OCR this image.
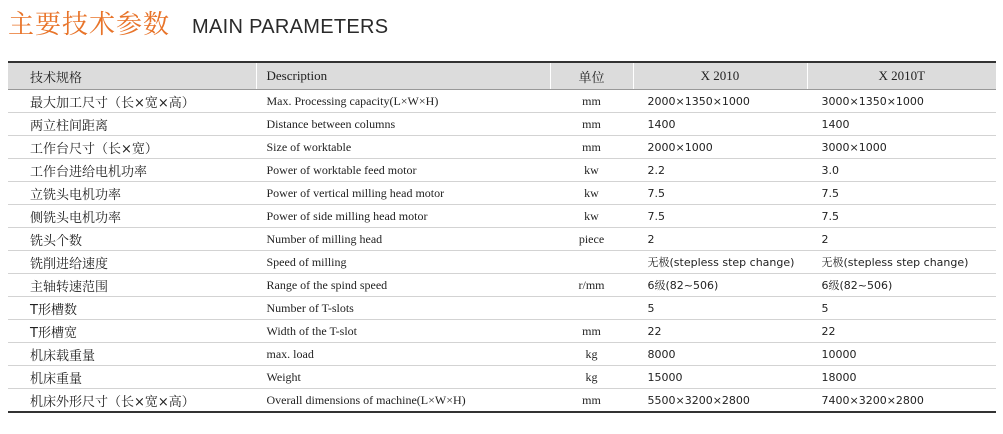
主要技术参数 MAIN PARAMETERS
技术规格	Description	单位	X 2010	X 2010T
最大加工尺寸（长×宽×高）	Max. Processing capacity(L×W×H)	mm	2000×1350×1000	3000×1350×1000
两立柱间距离	Distance between columns	mm	1400	1400
工作台尺寸（长×宽）	Size of worktable	mm	2000×1000	3000×1000
工作台进给电机功率	Power of worktable feed motor	kw	2.2	3.0
立铣头电机功率	Power of vertical milling head motor	kw	7.5	7.5
侧铣头电机功率	Power of side milling head motor	kw	7.5	7.5
铣头个数	Number of milling head	piece	2	2
铣削进给速度	Speed of milling		无极(stepless step change)	无极(stepless step change)
主轴转速范围	Range of the spind speed	r/mm	6级(82~506)	6级(82~506)
T形槽数	Number of T-slots		5	5
T形槽宽	Width of the T-slot	mm	22	22
机床载重量	max. load	kg	8000	10000
机床重量	Weight	kg	15000	18000
机床外形尺寸（长×宽×高）	Overall dimensions of machine(L×W×H)	mm	5500×3200×2800	7400×3200×2800
